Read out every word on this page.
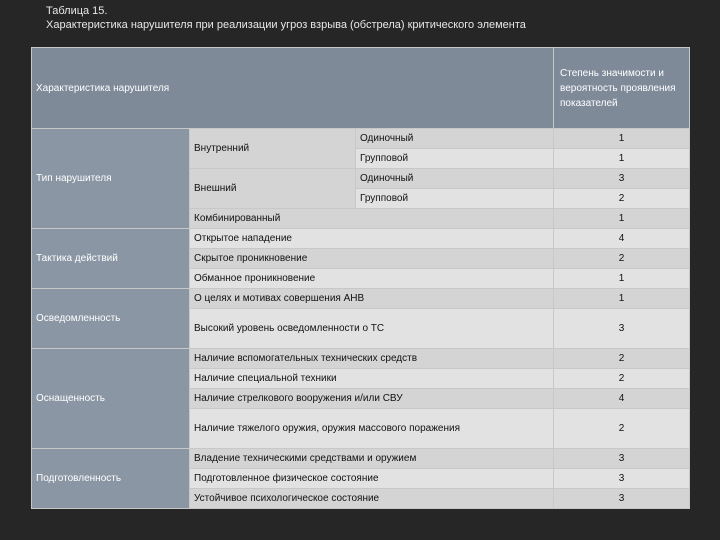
Таблица 15.
Характеристика нарушителя при реализации угроз взрыва (обстрела) критического элемента
Характеристика нарушителя			Степень значимости и вероятность проявления показателей
Тип нарушителя	Внутренний	Одиночный	1
		Групповой	1
	Внешний	Одиночный	3
		Групповой	2
	Комбинированный		1
Тактика действий	Открытое нападение		4
	Скрытое проникновение		2
	Обманное проникновение		1
Осведомленность	О целях и мотивах совершения АНВ		1
	Высокий уровень осведомленности о ТС		3
Оснащенность	Наличие вспомогательных технических средств		2
	Наличие специальной техники		2
	Наличие стрелкового вооружения и/или СВУ		4
	Наличие тяжелого оружия, оружия массового поражения		2
Подготовленность	Владение техническими средствами и оружием		3
	Подготовленное физическое состояние		3
	Устойчивое психологическое состояние		3
